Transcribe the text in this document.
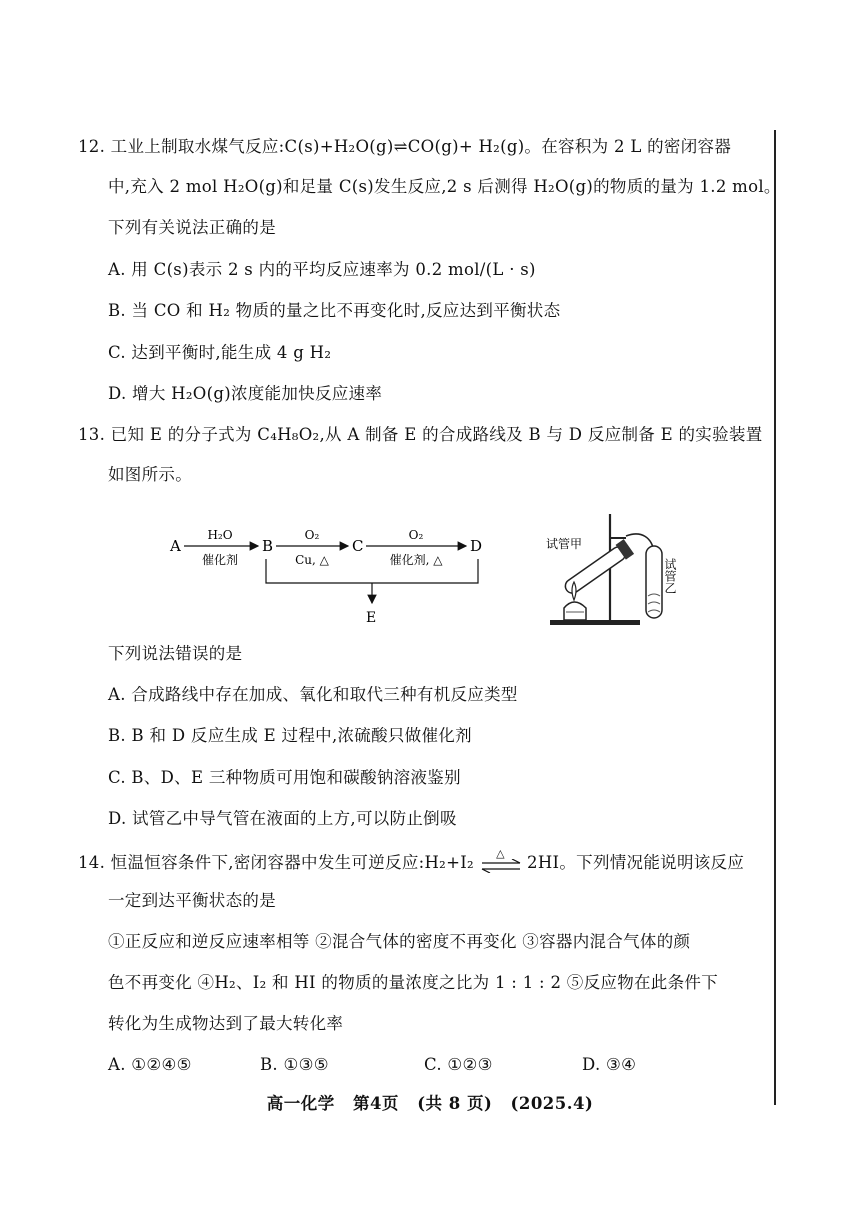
12. 工业上制取水煤气反应:C(s)+H₂O(g)⇌CO(g)+ H₂(g)。在容积为 2 L 的密闭容器
中,充入 2 mol H₂O(g)和足量 C(s)发生反应,2 s 后测得 H₂O(g)的物质的量为 1.2 mol。
下列有关说法正确的是
A. 用 C(s)表示 2 s 内的平均反应速率为 0.2 mol/(L · s)
B. 当 CO 和 H₂ 物质的量之比不再变化时,反应达到平衡状态
C. 达到平衡时,能生成 4 g H₂
D. 增大 H₂O(g)浓度能加快反应速率
13. 已知 E 的分子式为 C₄H₈O₂,从 A 制备 E 的合成路线及 B 与 D 反应制备 E 的实验装置
如图所示。
A
H₂O
催化剂
B
O₂
Cu, △
C
O₂
催化剂, △
D
E
试管甲
试管乙
下列说法错误的是
A. 合成路线中存在加成、氧化和取代三种有机反应类型
B. B 和 D 反应生成 E 过程中,浓硫酸只做催化剂
C. B、D、E 三种物质可用饱和碳酸钠溶液鉴别
D. 试管乙中导气管在液面的上方,可以防止倒吸
14. 恒温恒容条件下,密闭容器中发生可逆反应:H₂+I₂	△	2HI。下列情况能说明该反应
一定到达平衡状态的是
①正反应和逆反应速率相等 ②混合气体的密度不再变化 ③容器内混合气体的颜
色不再变化 ④H₂、I₂ 和 HI 的物质的量浓度之比为 1 : 1 : 2 ⑤反应物在此条件下
转化为生成物达到了最大转化率
A. ①②④⑤	B. ①③⑤	C. ①②③	D. ③④
高一化学 第4页 (共 8 页) (2025.4)
